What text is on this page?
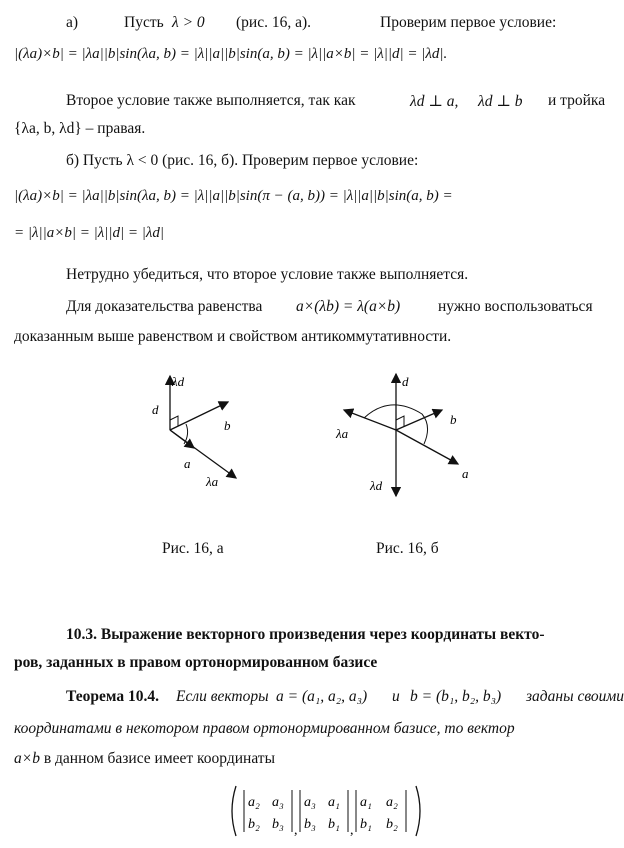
а)	Пусть λ > 0 (рис. 16, а).	Проверим первое условие:
|(λa)×b| = |λa||b|sin(λa, b) = |λ||a||b|sin(a, b) = |λ||a×b| = |λ||d| = |λd|.
Второе условие также выполняется, так как	λd ⊥ a, λd ⊥ b и тройка
{λa, b, λd} – правая.
б) Пусть λ < 0 (рис. 16, б). Проверим первое условие:
|(λa)×b| = |λa||b|sin(λa, b) = |λ||a||b|sin(π − (a, b)) = |λ||a||b|sin(a, b) =
= |λ||a×b| = |λ||d| = |λd|
Нетрудно убедиться, что второе условие также выполняется.
Для доказательства равенства a×(λb) = λ(a×b) нужно воспользоваться
доказанным выше равенством и свойством антикоммутативности.
λd
d
b
a
λa
Рис. 16, а
d
b
λa
a
λd
Рис. 16, б
10.3. Выражение векторного произведения через координаты векто-
ров, заданных в правом ортонормированном базисе
Теорема 10.4. Если векторы a = (a₁, a₂, a₃) и b = (b₁, b₂, b₃) заданы своими
координатами в некотором правом ортонормированном базисе, то вектор
a×b в данном базисе имеет координаты
,	,
a₂ a₃
b₂ b₃
a₃ a₁
b₃ b₁
a₁ a₂
b₁ b₂
